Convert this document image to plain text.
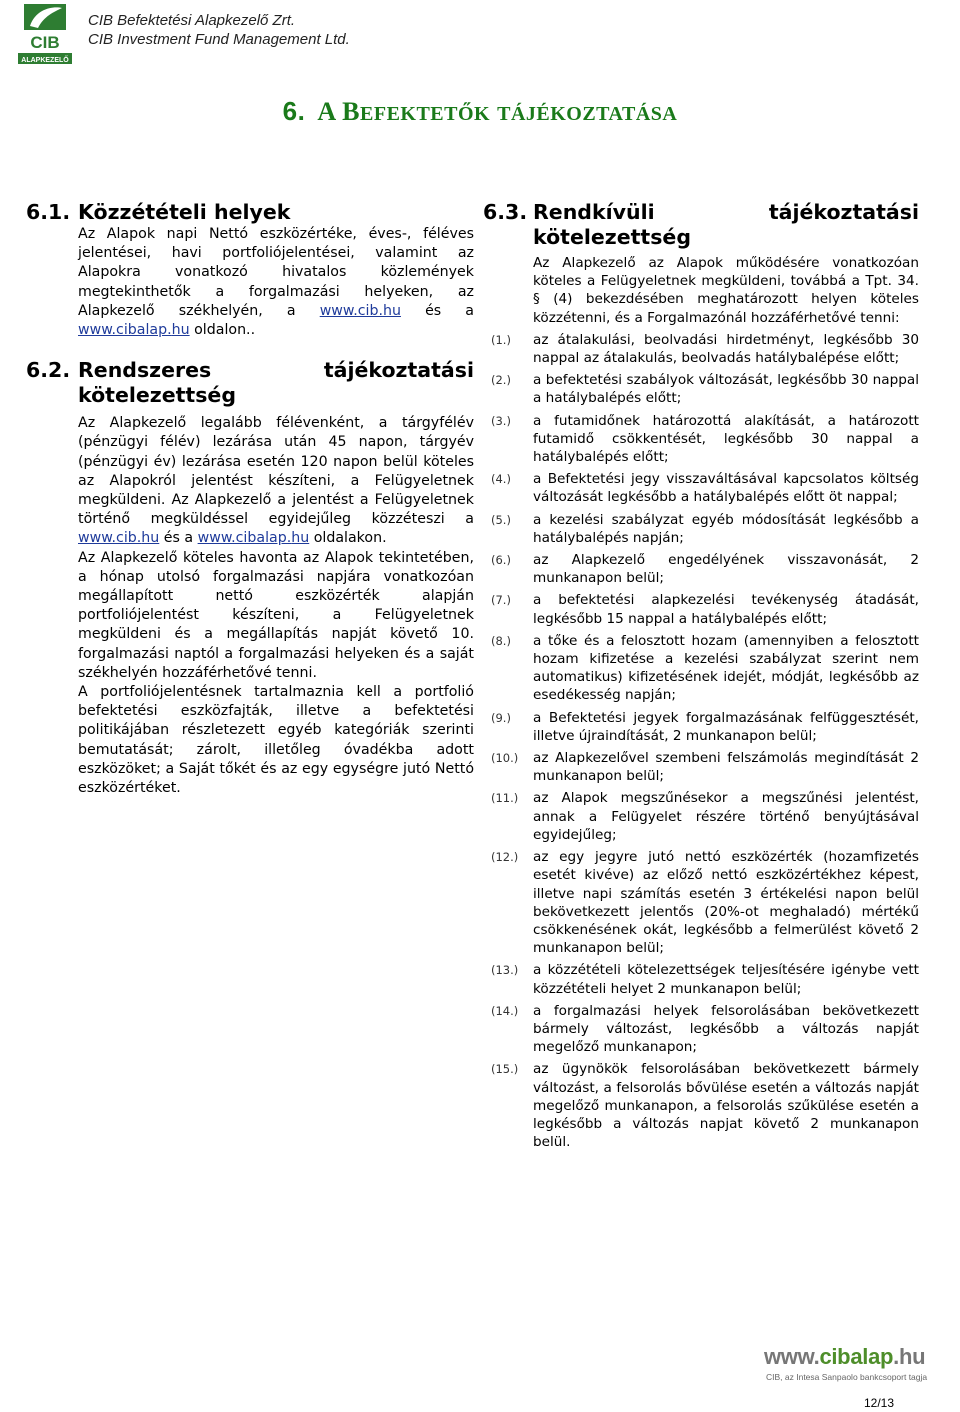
CIB
ALAPKEZELŐ
CIB Befektetési Alapkezelő Zrt.
CIB Investment Fund Management Ltd.
6. A BEFEKTETŐK TÁJÉKOZTATÁSA
6.1. Közzétételi helyek

Az Alapok napi Nettó eszközértéke, éves-, féléves jelentései, havi portfoliójelentései, valamint az Alapokra vonatkozó hivatalos közlemények megtekinthetők a forgalmazási helyeken, az Alapkezelő székhelyén, a www.cib.hu és a www.cibalap.hu oldalon..

6.2. Rendszeres	tájékoztatási
kötelezettség

Az Alapkezelő legalább félévenként, a tárgyfélév (pénzügyi félév) lezárása után 45 napon, tárgyév (pénzügyi év) lezárása esetén 120 napon belül köteles az Alapokról jelentést készíteni, a Felügyeletnek megküldeni. Az Alapkezelő a jelentést a Felügyeletnek történő megküldéssel egyidejűleg közzéteszi a www.cib.hu és a www.cibalap.hu oldalakon.

Az Alapkezelő köteles havonta az Alapok tekintetében, a hónap utolsó forgalmazási napjára vonatkozóan megállapított nettó eszközérték alapján portfoliójelentést készíteni, a Felügyeletnek megküldeni és a megállapítás napját követő 10. forgalmazási naptól a forgalmazási helyeken és a saját székhelyén hozzáférhetővé tenni.

A portfoliójelentésnek tartalmaznia kell a portfolió befektetési eszközfajták, illetve a befektetési politikájában részletezett egyéb kategóriák szerinti bemutatását; zárolt, illetőleg óvadékba adott eszközöket; a Saját tőkét és az egy egységre jutó Nettó eszközértéket.

6.3. Rendkívüli	tájékoztatási
kötelezettség

Az Alapkezelő az Alapok működésére vonatkozóan köteles a Felügyeletnek megküldeni, továbbá a Tpt. 34. § (4) bekezdésében meghatározott helyen köteles közzétenni, és a Forgalmazónál hozzáférhetővé tenni:

(1.) az átalakulási, beolvadási hirdetményt, legkésőbb 30 nappal az átalakulás, beolvadás hatálybalépése előtt;
(2.) a befektetési szabályok változását, legkésőbb 30 nappal a hatálybalépés előtt;
(3.) a futamidőnek határozottá alakítását, a határozott futamidő csökkentését, legkésőbb 30 nappal a hatálybalépés előtt;
(4.) a Befektetési jegy visszaváltásával kapcsolatos költség változását legkésőbb a hatálybalépés előtt öt nappal;
(5.) a kezelési szabályzat egyéb módosítását legkésőbb a hatálybalépés napján;
(6.) az Alapkezelő engedélyének visszavonását, 2 munkanapon belül;
(7.) a befektetési alapkezelési tevékenység átadását, legkésőbb 15 nappal a hatálybalépés előtt;
(8.) a tőke és a felosztott hozam (amennyiben a felosztott hozam kifizetése a kezelési szabályzat szerint nem automatikus) kifizetésének idejét, módját, legkésőbb az esedékesség napján;
(9.) a Befektetési jegyek forgalmazásának felfüggesztését, illetve újraindítását, 2 munkanapon belül;
(10.) az Alapkezelővel szembeni felszámolás megindítását 2 munkanapon belül;
(11.) az Alapok megszűnésekor a megszűnési jelentést, annak a Felügyelet részére történő benyújtásával egyidejűleg;
(12.) az egy jegyre jutó nettó eszközérték (hozamfizetés esetét kivéve) az előző nettó eszközértékhez képest, illetve napi számítás esetén 3 értékelési napon belül bekövetkezett jelentős (20%-ot meghaladó) mértékű csökkenésének okát, legkésőbb a felmerülést követő 2 munkanapon belül;
(13.) a közzétételi kötelezettségek teljesítésére igénybe vett közzétételi helyet 2 munkanapon belül;
(14.) a forgalmazási helyek felsorolásában bekövetkezett bármely változást, legkésőbb a változás napját megelőző munkanapon;
(15.) az ügynökök felsorolásában bekövetkezett bármely változást, a felsorolás bővülése esetén a változás napját megelőző munkanapon, a felsorolás szűkülése esetén a legkésőbb a változás napjat követő 2 munkanapon belül.
www.cibalap.hu
CIB, az Intesa Sanpaolo bankcsoport tagja
12/13
